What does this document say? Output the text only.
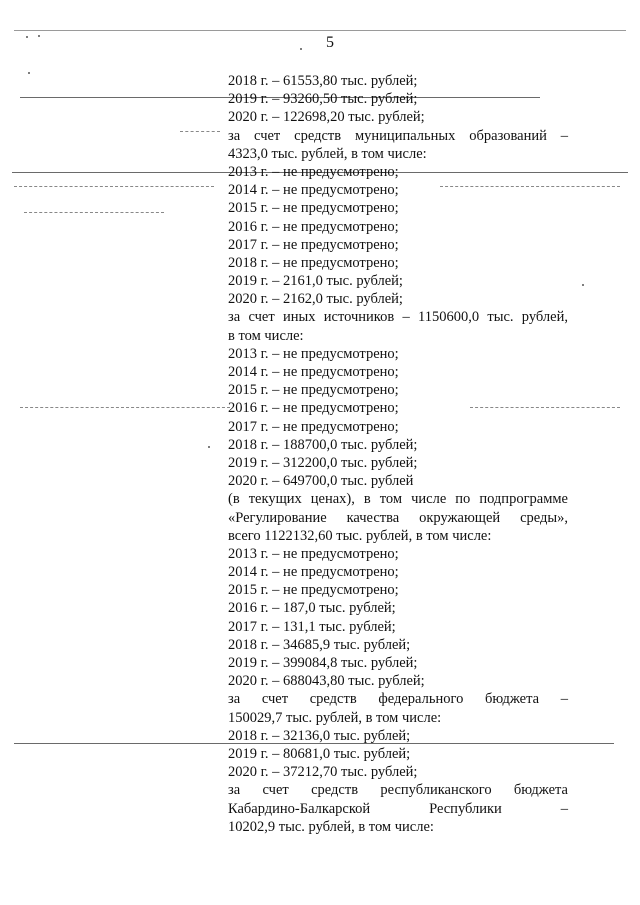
5
2018 г. – 61553,80 тыс. рублей;
2019 г. – 93260,50 тыс. рублей;
2020 г. – 122698,20 тыс. рублей;
за счет средств муниципальных образований –
4323,0 тыс. рублей, в том числе:
2013 г. – не предусмотрено;
2014 г. – не предусмотрено;
2015 г. – не предусмотрено;
2016 г. – не предусмотрено;
2017 г. – не предусмотрено;
2018 г. – не предусмотрено;
2019 г. – 2161,0 тыс. рублей;
2020 г. – 2162,0 тыс. рублей;
за счет иных источников – 1150600,0 тыс. рублей,
в том числе:
2013 г. – не предусмотрено;
2014 г. – не предусмотрено;
2015 г. – не предусмотрено;
2016 г. – не предусмотрено;
2017 г. – не предусмотрено;
2018 г. – 188700,0 тыс. рублей;
2019 г. – 312200,0 тыс. рублей;
2020 г. – 649700,0 тыс. рублей
(в текущих ценах), в том числе по подпрограмме
«Регулирование качества окружающей среды»,
всего 1122132,60 тыс. рублей, в том числе:
2013 г. – не предусмотрено;
2014 г. – не предусмотрено;
2015 г. – не предусмотрено;
2016 г. – 187,0 тыс. рублей;
2017 г. – 131,1 тыс. рублей;
2018 г. – 34685,9 тыс. рублей;
2019 г. – 399084,8 тыс. рублей;
2020 г. – 688043,80 тыс. рублей;
за счет средств федерального бюджета –
150029,7 тыс. рублей, в том числе:
2018 г. – 32136,0 тыс. рублей;
2019 г. – 80681,0 тыс. рублей;
2020 г. – 37212,70 тыс. рублей;
за счет средств республиканского бюджета
Кабардино-Балкарской Республики –
10202,9 тыс. рублей, в том числе:
